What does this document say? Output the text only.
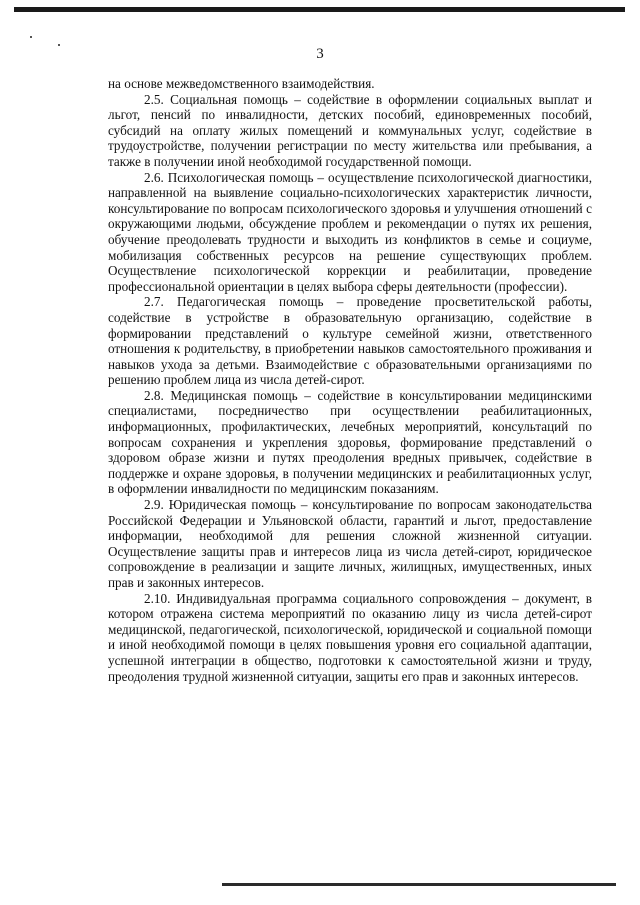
3

на основе межведомственного взаимодействия.

2.5. Социальная помощь – содействие в оформлении социальных выплат и льгот, пенсий по инвалидности, детских пособий, единовременных пособий, субсидий на оплату жилых помещений и коммунальных услуг, содействие в трудоустройстве, получении регистрации по месту жительства или пребывания, а также в получении иной необходимой государственной помощи.

2.6. Психологическая помощь – осуществление психологической диагностики, направленной на выявление социально-психологических характеристик личности, консультирование по вопросам психологического здоровья и улучшения отношений с окружающими людьми, обсуждение проблем и рекомендации о путях их решения, обучение преодолевать трудности и выходить из конфликтов в семье и социуме, мобилизация собственных ресурсов на решение существующих проблем. Осуществление психологической коррекции и реабилитации, проведение профессиональной ориентации в целях выбора сферы деятельности (профессии).

2.7. Педагогическая помощь – проведение просветительской работы, содействие в устройстве в образовательную организацию, содействие в формировании представлений о культуре семейной жизни, ответственного отношения к родительству, в приобретении навыков самостоятельного проживания и навыков ухода за детьми. Взаимодействие с образовательными организациями по решению проблем лица из числа детей-сирот.

2.8. Медицинская помощь – содействие в консультировании медицинскими специалистами, посредничество при осуществлении реабилитационных, информационных, профилактических, лечебных мероприятий, консультаций по вопросам сохранения и укрепления здоровья, формирование представлений о здоровом образе жизни и путях преодоления вредных привычек, содействие в поддержке и охране здоровья, в получении медицинских и реабилитационных услуг, в оформлении инвалидности по медицинским показаниям.

2.9. Юридическая помощь – консультирование по вопросам законодательства Российской Федерации и Ульяновской области, гарантий и льгот, предоставление информации, необходимой для решения сложной жизненной ситуации. Осуществление защиты прав и интересов лица из числа детей-сирот, юридическое сопровождение в реализации и защите личных, жилищных, имущественных, иных прав и законных интересов.

2.10. Индивидуальная программа социального сопровождения – документ, в котором отражена система мероприятий по оказанию лицу из числа детей-сирот медицинской, педагогической, психологической, юридической и социальной помощи и иной необходимой помощи в целях повышения уровня его социальной адаптации, успешной интеграции в общество, подготовки к самостоятельной жизни и труду, преодоления трудной жизненной ситуации, защиты его прав и законных интересов.
